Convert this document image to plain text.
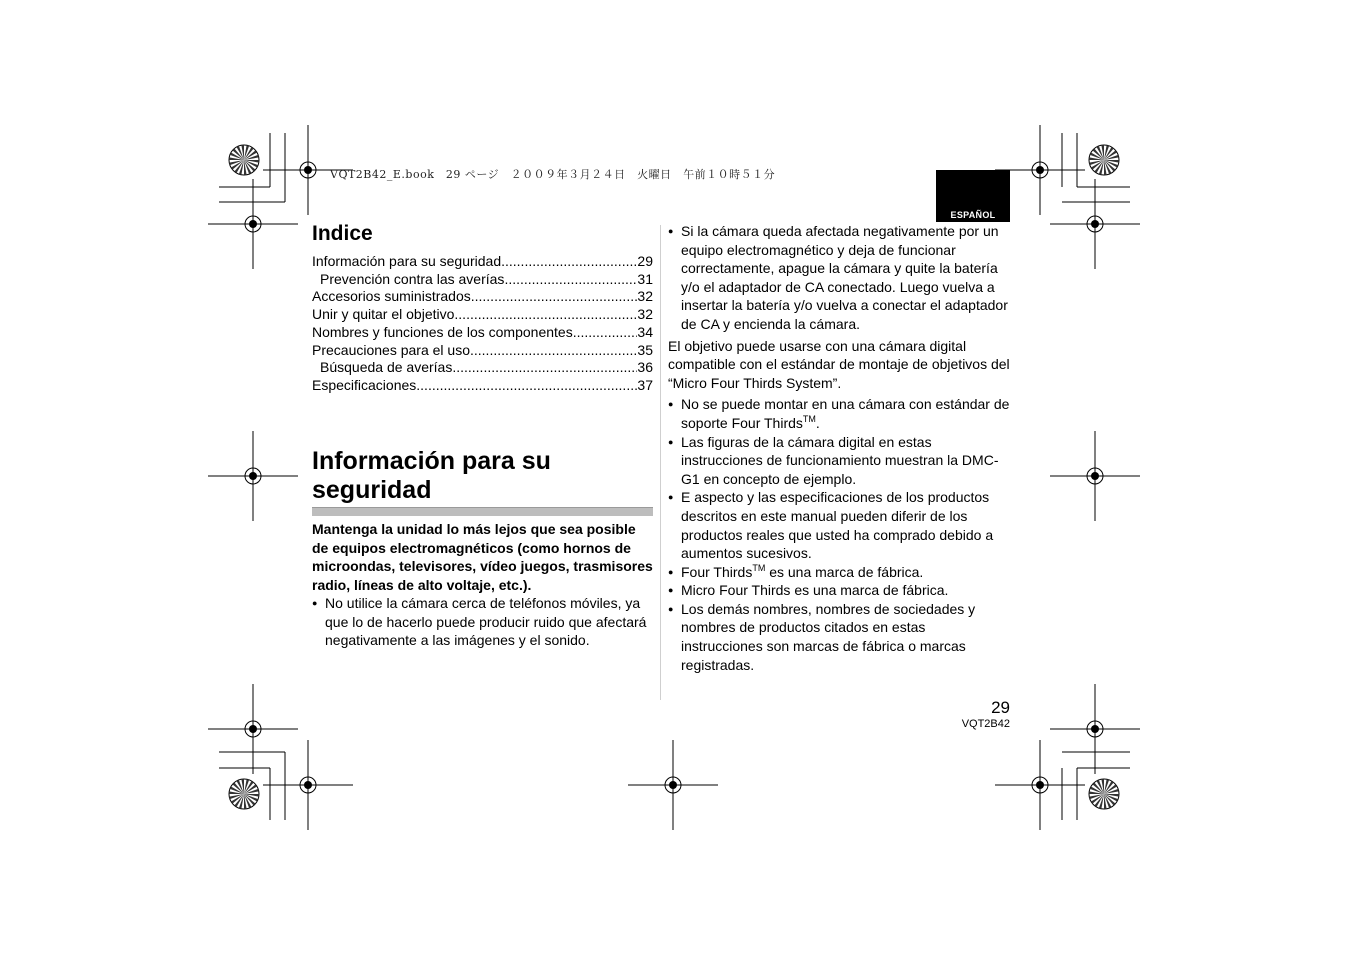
VQT2B42_E.book　29 ページ　２００９年３月２４日　火曜日　午前１０時５１分
ESPAÑOL
Indice
Información para su seguridad .....	29
Prevención contra las averías .....	31
Accesorios suministrados .....	32
Unir y quitar el objetivo .....	32
Nombres y funciones de los componentes .....	34
Precauciones para el uso .....	35
Búsqueda de averías .....	36
Especificaciones .....	37
Información para su seguridad
Mantenga la unidad lo más lejos que sea posible de equipos electromagnéticos (como hornos de microondas, televisores, vídeo juegos, trasmisores radio, líneas de alto voltaje, etc.).
● No utilice la cámara cerca de teléfonos móviles, ya que lo de hacerlo puede producir ruido que afectará negativamente a las imágenes y el sonido.
● Si la cámara queda afectada negativamente por un equipo electromagnético y deja de funcionar correctamente, apague la cámara y quite la batería y/o el adaptador de CA conectado. Luego vuelva a insertar la batería y/o vuelva a conectar el adaptador de CA y encienda la cámara.
El objetivo puede usarse con una cámara digital compatible con el estándar de montaje de objetivos del “Micro Four Thirds System”.
● No se puede montar en una cámara con estándar de soporte Four Thirds™.
● Las figuras de la cámara digital en estas instrucciones de funcionamiento muestran la DMC-G1 en concepto de ejemplo.
● E aspecto y las especificaciones de los productos descritos en este manual pueden diferir de los productos reales que usted ha comprado debido a aumentos sucesivos.
● Four Thirds™ es una marca de fábrica.
● Micro Four Thirds es una marca de fábrica.
● Los demás nombres, nombres de sociedades y nombres de productos citados en estas instrucciones son marcas de fábrica o marcas registradas.
29
VQT2B42
